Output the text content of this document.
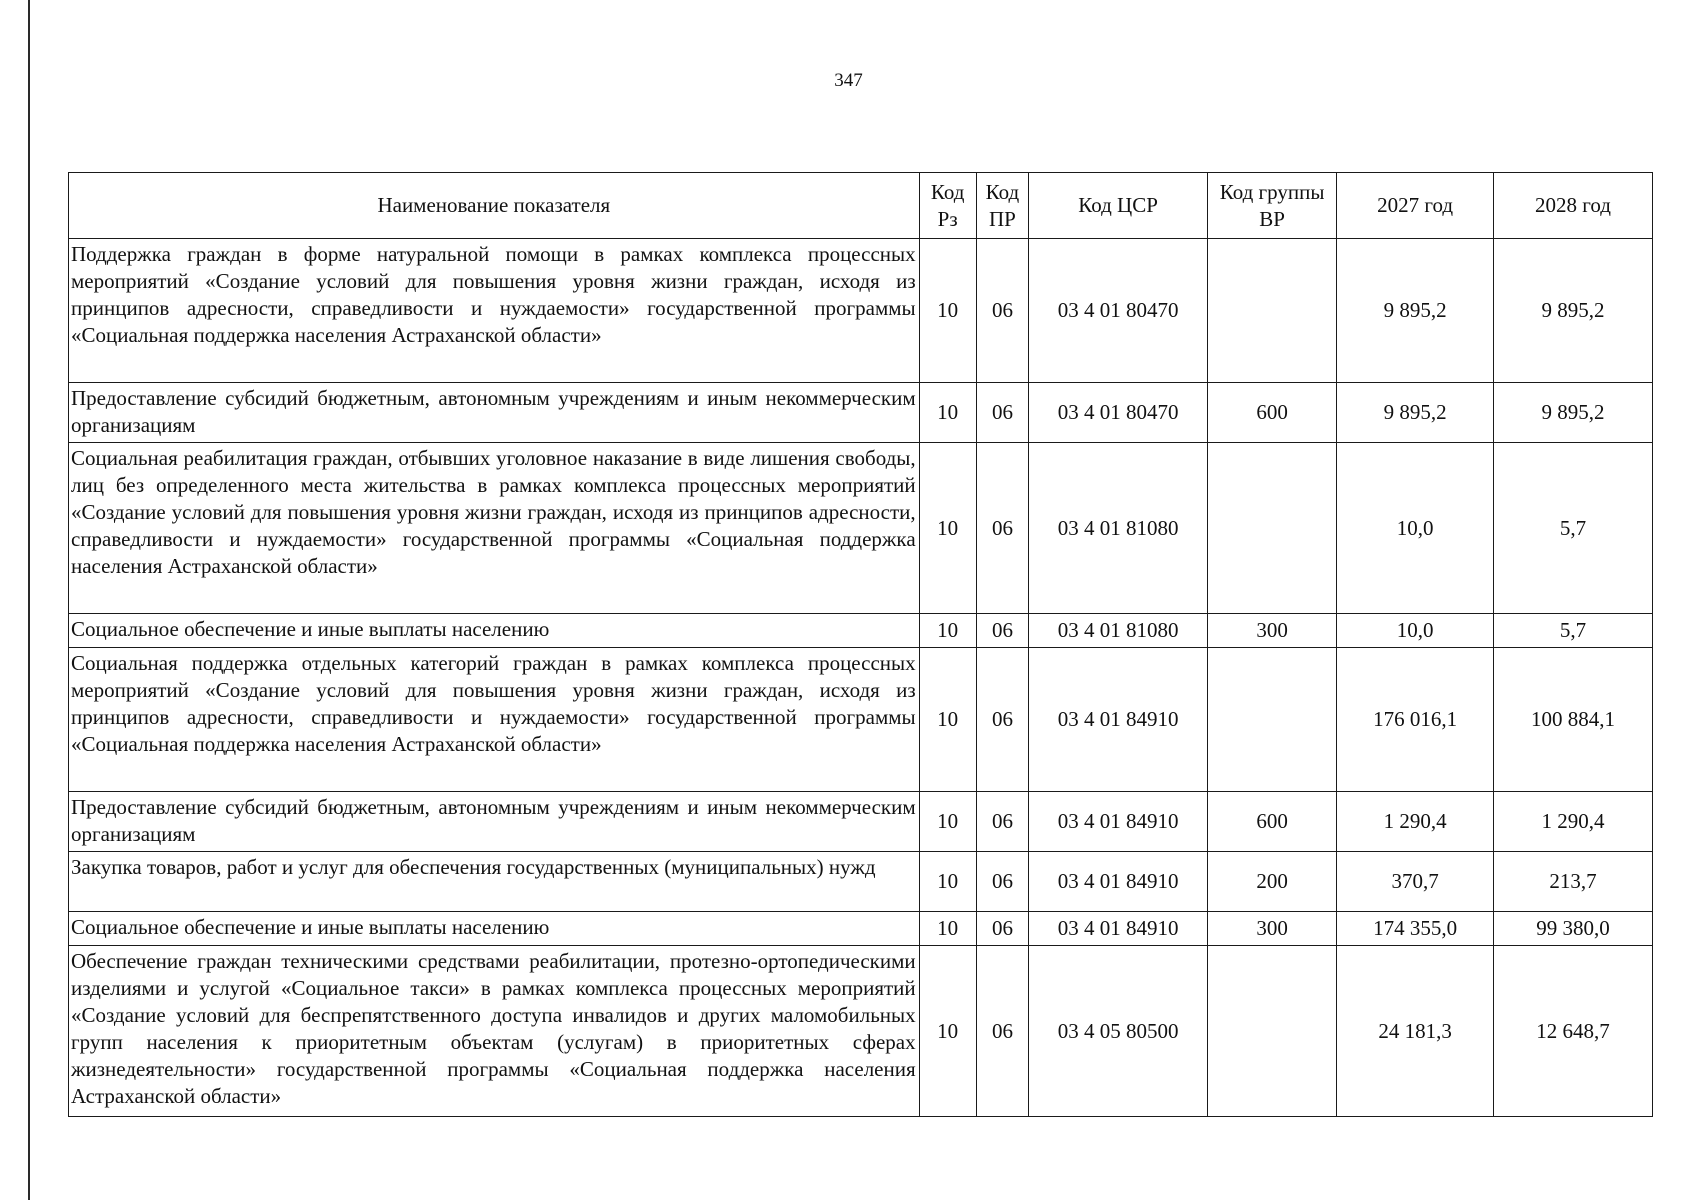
347
Наименование показателя	Код Рз	Код ПР	Код ЦСР	Код группы ВР	2027 год	2028 год
Поддержка граждан в форме натуральной помощи в рамках комплекса процессных мероприятий «Создание условий для повышения уровня жизни граждан, исходя из принципов адресности, справедливости и нуждаемости» государственной программы «Социальная поддержка населения Астраханской области»	10	06	03 4 01 80470		9 895,2	9 895,2
Предоставление субсидий бюджетным, автономным учреждениям и иным некоммерческим организациям	10	06	03 4 01 80470	600	9 895,2	9 895,2
Социальная реабилитация граждан, отбывших уголовное наказание в виде лишения свободы, лиц без определенного места жительства в рамках комплекса процессных мероприятий «Создание условий для повышения уровня жизни граждан, исходя из принципов адресности, справедливости и нуждаемости» государственной программы «Социальная поддержка населения Астраханской области»	10	06	03 4 01 81080		10,0	5,7
Социальное обеспечение и иные выплаты населению	10	06	03 4 01 81080	300	10,0	5,7
Социальная поддержка отдельных категорий граждан в рамках комплекса процессных мероприятий «Создание условий для повышения уровня жизни граждан, исходя из принципов адресности, справедливости и нуждаемости» государственной программы «Социальная поддержка населения Астраханской области»	10	06	03 4 01 84910		176 016,1	100 884,1
Предоставление субсидий бюджетным, автономным учреждениям и иным некоммерческим организациям	10	06	03 4 01 84910	600	1 290,4	1 290,4
Закупка товаров, работ и услуг для обеспечения государственных (муниципальных) нужд	10	06	03 4 01 84910	200	370,7	213,7
Социальное обеспечение и иные выплаты населению	10	06	03 4 01 84910	300	174 355,0	99 380,0
Обеспечение граждан техническими средствами реабилитации, протезно-ортопедическими изделиями и услугой «Социальное такси» в рамках комплекса процессных мероприятий «Создание условий для беспрепятственного доступа инвалидов и других маломобильных групп населения к приоритетным объектам (услугам) в приоритетных сферах жизнедеятельности» государственной программы «Социальная поддержка населения Астраханской области»	10	06	03 4 05 80500		24 181,3	12 648,7
